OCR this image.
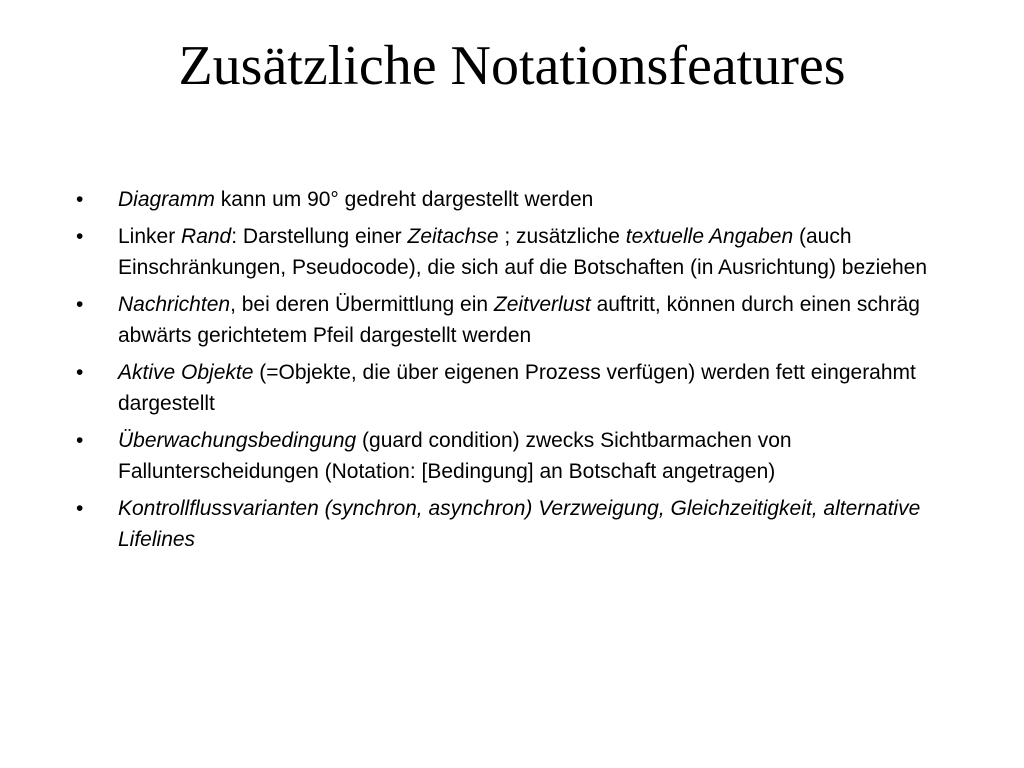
Zusätzliche Notationsfeatures
•	Diagramm kann um 90° gedreht dargestellt werden
•	Linker Rand: Darstellung einer Zeitachse ; zusätzliche textuelle Angaben (auch Einschränkungen, Pseudocode), die sich auf die Botschaften (in Ausrichtung) beziehen
•	Nachrichten, bei deren Übermittlung ein Zeitverlust auftritt, können durch einen schräg abwärts gerichtetem Pfeil dargestellt werden
•	Aktive Objekte (=Objekte, die über eigenen Prozess verfügen) werden fett eingerahmt dargestellt
•	Überwachungsbedingung (guard condition) zwecks Sichtbarmachen von Fallunterscheidungen (Notation: [Bedingung] an Botschaft angetragen)
•	Kontrollflussvarianten (synchron, asynchron) Verzweigung, Gleichzeitigkeit, alternative Lifelines
